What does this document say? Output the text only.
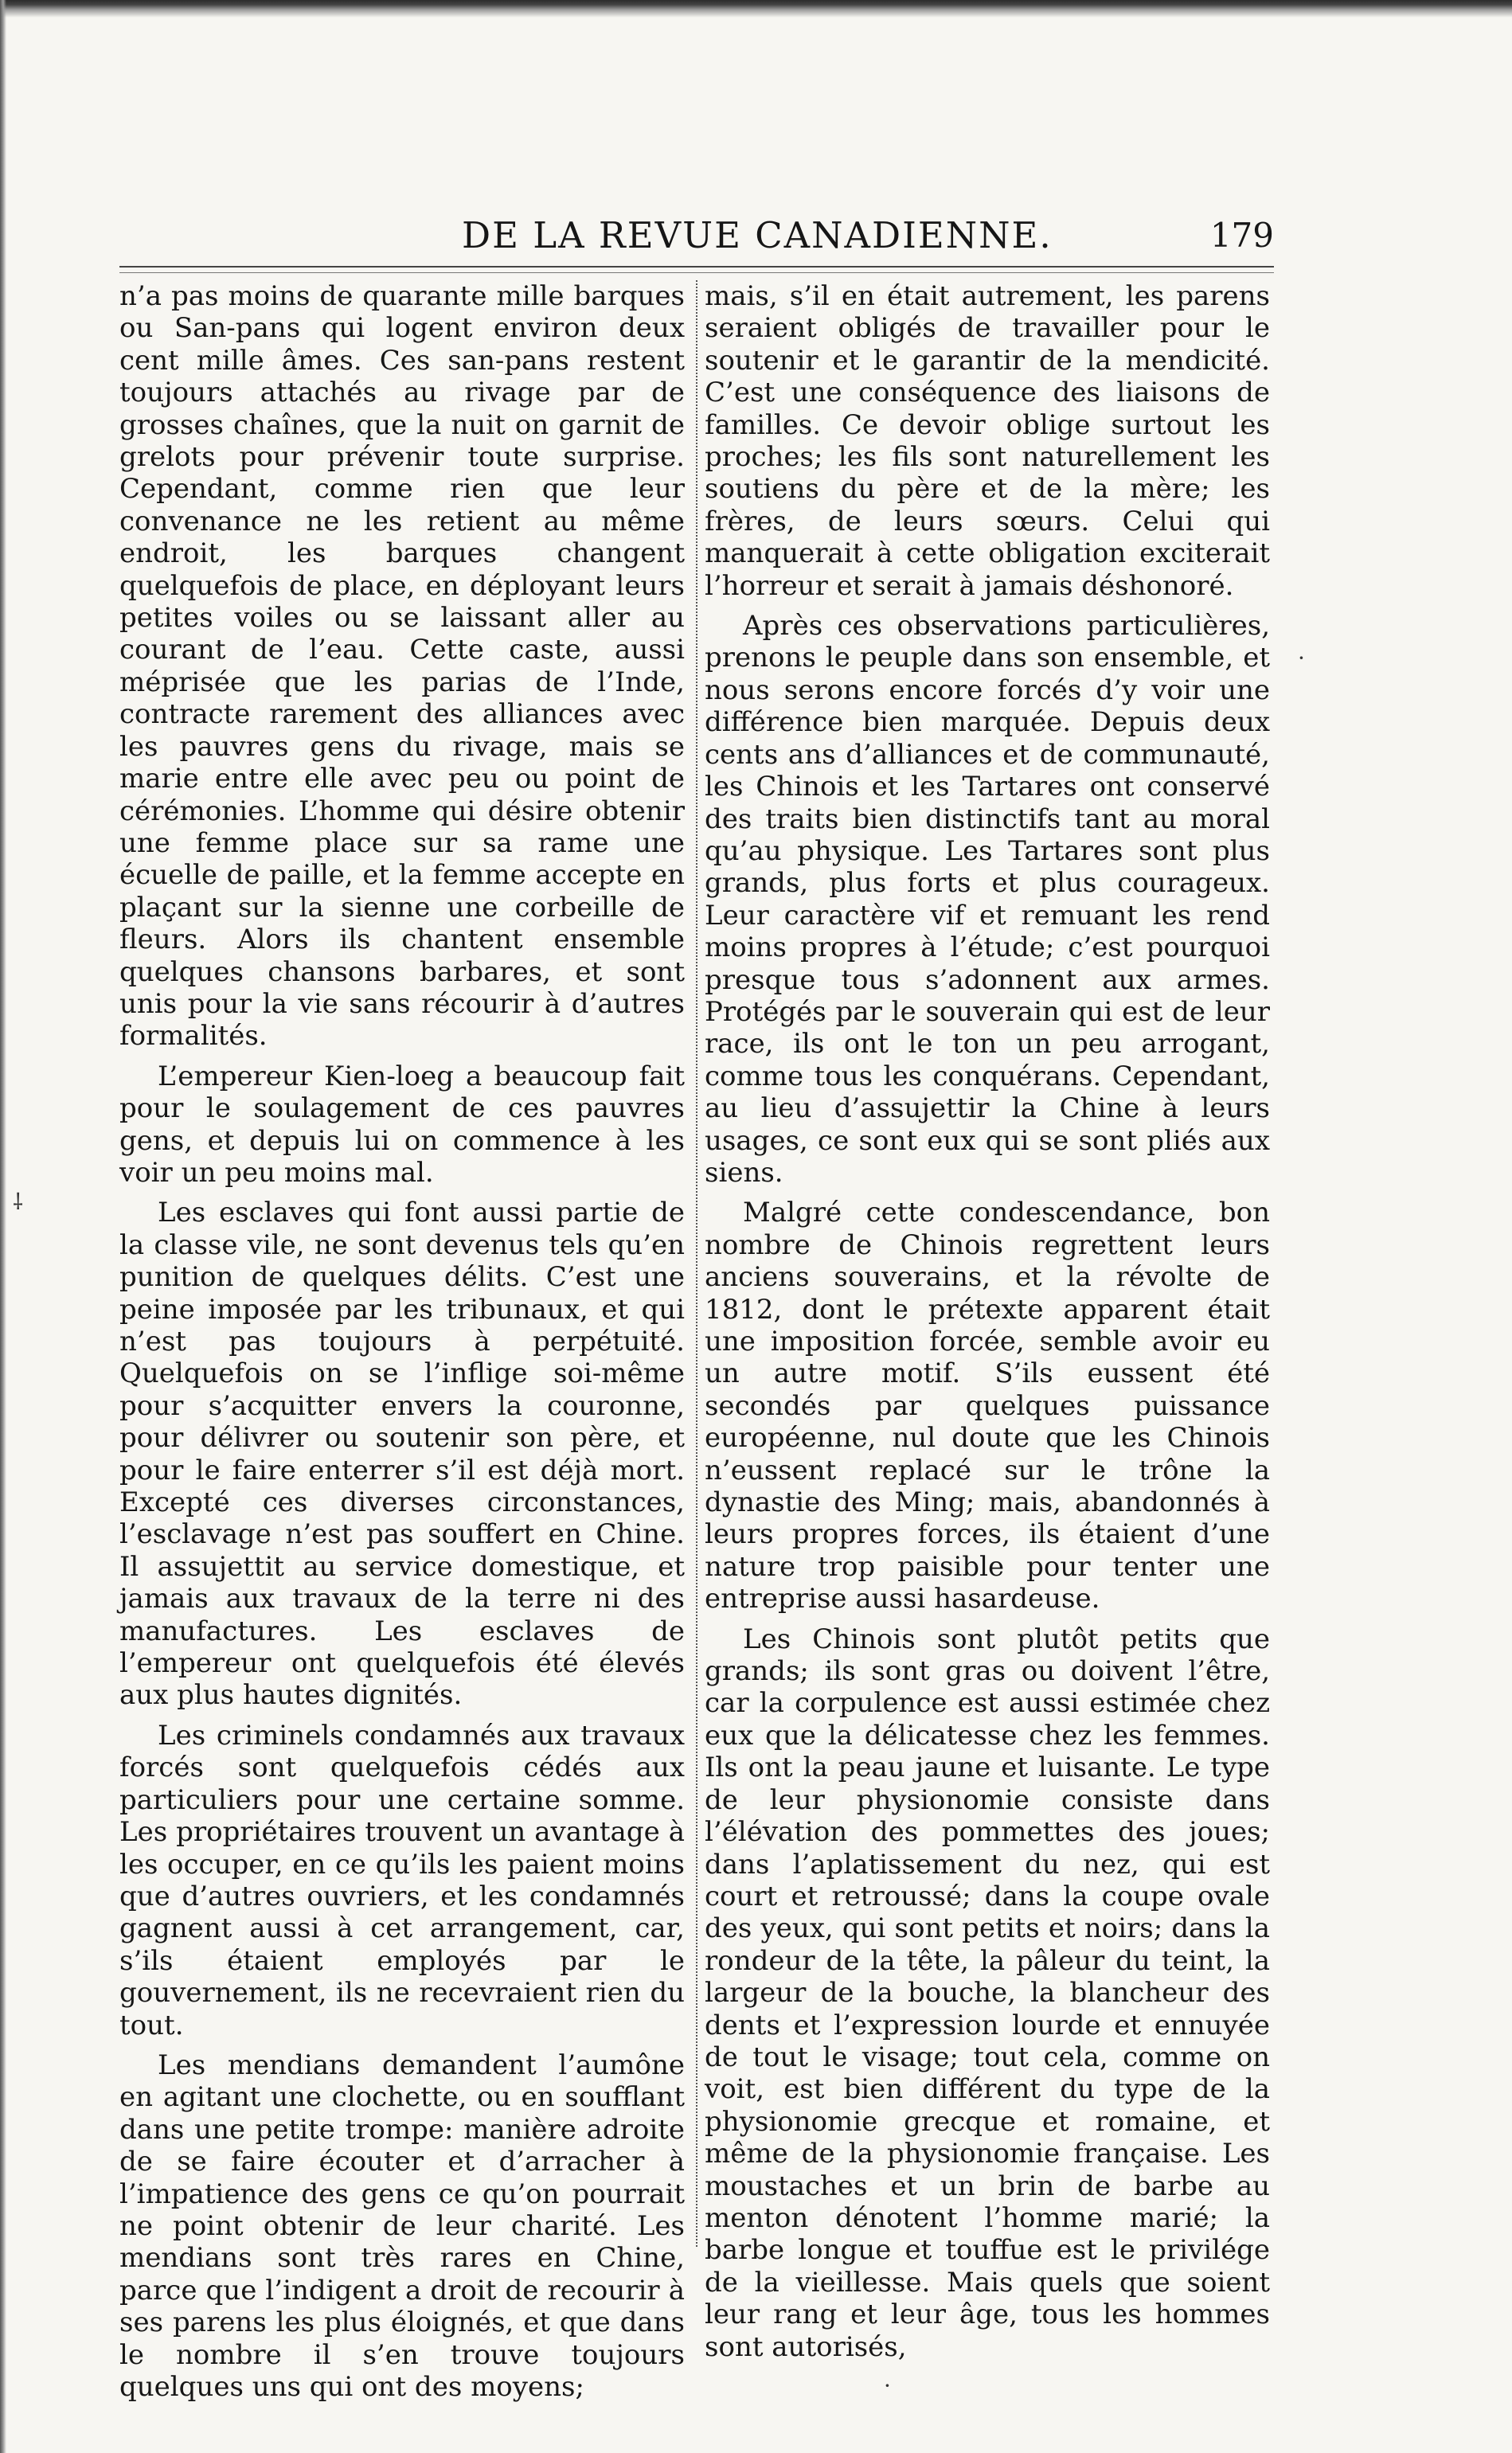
DE LA REVUE CANADIENNE.	179

n’a pas moins de quarante mille barques ou San-pans qui logent environ deux cent mille âmes. Ces san-pans restent toujours attachés au rivage par de grosses chaînes, que la nuit on garnit de grelots pour prévenir toute surprise. Cependant, comme rien que leur convenance ne les retient au même endroit, les barques changent quelquefois de place, en déployant leurs petites voiles ou se laissant aller au courant de l’eau. Cette caste, aussi méprisée que les parias de l’Inde, contracte rarement des alliances avec les pauvres gens du rivage, mais se marie entre elle avec peu ou point de cérémonies. L’homme qui désire obtenir une femme place sur sa rame une écuelle de paille, et la femme accepte en plaçant sur la sienne une corbeille de fleurs. Alors ils chantent ensemble quelques chansons barbares, et sont unis pour la vie sans récourir à d’autres formalités.

L’empereur Kien-loeg a beaucoup fait pour le soulagement de ces pauvres gens, et depuis lui on commence à les voir un peu moins mal.

Les esclaves qui font aussi partie de la classe vile, ne sont devenus tels qu’en punition de quelques délits. C’est une peine imposée par les tribunaux, et qui n’est pas toujours à perpétuité. Quelquefois on se l’inflige soi-même pour s’acquitter envers la couronne, pour délivrer ou soutenir son père, et pour le faire enterrer s’il est déjà mort. Excepté ces diverses circonstances, l’esclavage n’est pas souffert en Chine. Il assujettit au service domestique, et jamais aux travaux de la terre ni des manufactures. Les esclaves de l’empereur ont quelquefois été élevés aux plus hautes dignités.

Les criminels condamnés aux travaux forcés sont quelquefois cédés aux particuliers pour une certaine somme. Les propriétaires trouvent un avantage à les occuper, en ce qu’ils les paient moins que d’autres ouvriers, et les condamnés gagnent aussi à cet arrangement, car, s’ils étaient employés par le gouvernement, ils ne recevraient rien du tout.

Les mendians demandent l’aumône en agitant une clochette, ou en soufflant dans une petite trompe: manière adroite de se faire écouter et d’arracher à l’impatience des gens ce qu’on pourrait ne point obtenir de leur charité. Les mendians sont très rares en Chine, parce que l’indigent a droit de recourir à ses parens les plus éloignés, et que dans le nombre il s’en trouve toujours quelques uns qui ont des moyens;

mais, s’il en était autrement, les parens seraient obligés de travailler pour le soutenir et le garantir de la mendicité. C’est une conséquence des liaisons de familles. Ce devoir oblige surtout les proches; les fils sont naturellement les soutiens du père et de la mère; les frères, de leurs sœurs. Celui qui manquerait à cette obligation exciterait l’horreur et serait à jamais déshonoré.

Après ces observations particulières, prenons le peuple dans son ensemble, et nous serons encore forcés d’y voir une différence bien marquée. Depuis deux cents ans d’alliances et de communauté, les Chinois et les Tartares ont conservé des traits bien distinctifs tant au moral qu’au physique. Les Tartares sont plus grands, plus forts et plus courageux. Leur caractère vif et remuant les rend moins propres à l’étude; c’est pourquoi presque tous s’adonnent aux armes. Protégés par le souverain qui est de leur race, ils ont le ton un peu arrogant, comme tous les conquérans. Cependant, au lieu d’assujettir la Chine à leurs usages, ce sont eux qui se sont pliés aux siens.

Malgré cette condescendance, bon nombre de Chinois regrettent leurs anciens souverains, et la révolte de 1812, dont le prétexte apparent était une imposition forcée, semble avoir eu un autre motif. S’ils eussent été secondés par quelques puissance européenne, nul doute que les Chinois n’eussent replacé sur le trône la dynastie des Ming; mais, abandonnés à leurs propres forces, ils étaient d’une nature trop paisible pour tenter une entreprise aussi hasardeuse.

Les Chinois sont plutôt petits que grands; ils sont gras ou doivent l’être, car la corpulence est aussi estimée chez eux que la délicatesse chez les femmes. Ils ont la peau jaune et luisante. Le type de leur physionomie consiste dans l’élévation des pommettes des joues; dans l’aplatissement du nez, qui est court et retroussé; dans la coupe ovale des yeux, qui sont petits et noirs; dans la rondeur de la tête, la pâleur du teint, la largeur de la bouche, la blancheur des dents et l’expression lourde et ennuyée de tout le visage; tout cela, comme on voit, est bien différent du type de la physionomie grecque et romaine, et même de la physionomie française. Les moustaches et un brin de barbe au menton dénotent l’homme marié; la barbe longue et touffue est le privilége de la vieillesse. Mais quels que soient leur rang et leur âge, tous les hommes sont autorisés,

⸸
·
·
